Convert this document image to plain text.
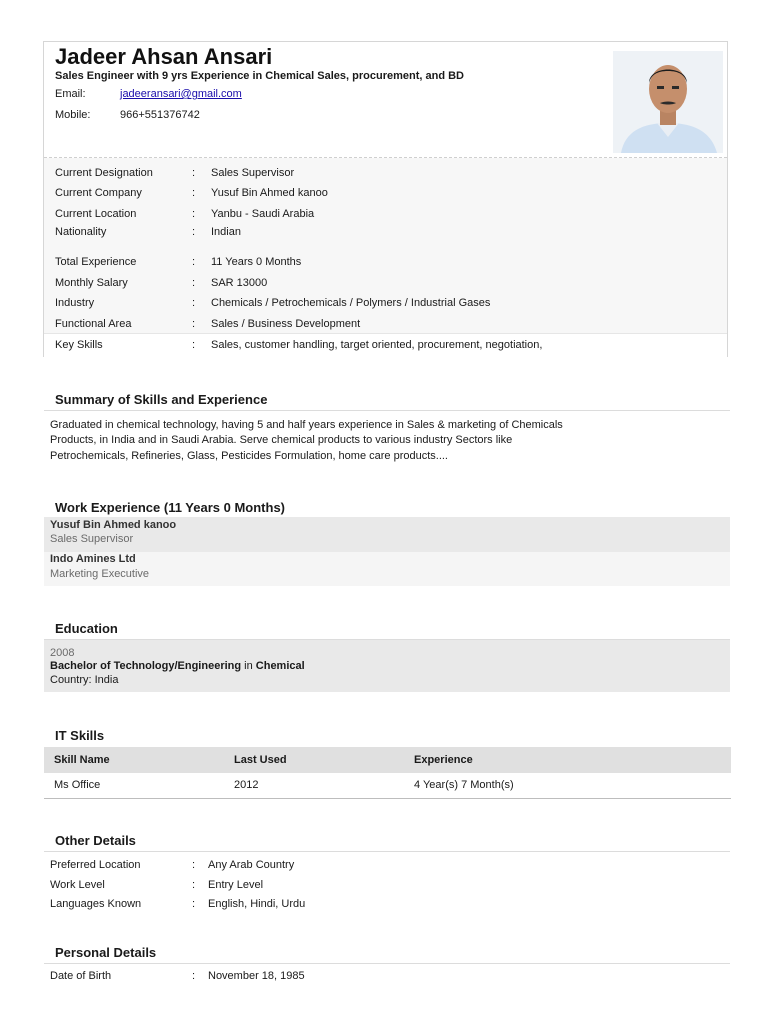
Jadeer Ahsan Ansari
Sales Engineer with 9 yrs Experience in Chemical Sales, procurement, and BD
Email:	jadeeransari@gmail.com
Mobile:	966+551376742
Current Designation	: Sales Supervisor
Current Company	: Yusuf Bin Ahmed kanoo
Current Location	: Yanbu - Saudi Arabia
Nationality	: Indian
Total Experience	: 11 Years 0 Months
Monthly Salary	: SAR 13000
Industry	: Chemicals / Petrochemicals / Polymers / Industrial Gases
Functional Area	: Sales / Business Development
Key Skills	: Sales, customer handling, target oriented, procurement, negotiation,
Summary of Skills and Experience
Graduated in chemical technology, having 5 and half years experience in Sales & marketing of Chemicals
Products, in India and in Saudi Arabia. Serve chemical products to various industry Sectors like
Petrochemicals, Refineries, Glass, Pesticides Formulation, home care products....
Work Experience (11 Years 0 Months)
Yusuf Bin Ahmed kanoo
Sales Supervisor
Indo Amines Ltd
Marketing Executive
Education
2008
Bachelor of Technology/Engineering in Chemical
Country: India
IT Skills
Skill Name	Last Used	Experience
Ms Office	2012	4 Year(s) 7 Month(s)
Other Details
Preferred Location	: Any Arab Country
Work Level	: Entry Level
Languages Known	: English, Hindi, Urdu
Personal Details
Date of Birth	: November 18, 1985
